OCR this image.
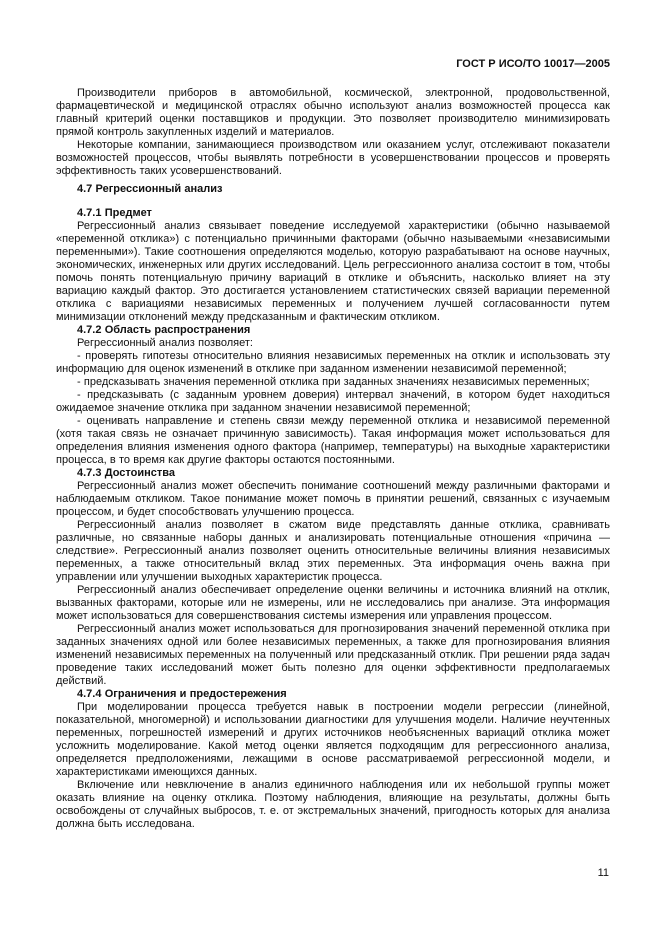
ГОСТ Р ИСО/ТО 10017—2005

Производители приборов в автомобильной, космической, электронной, продовольственной, фармацевтической и медицинской отраслях обычно используют анализ возможностей процесса как главный критерий оценки поставщиков и продукции. Это позволяет производителю минимизировать прямой контроль закупленных изделий и материалов.

Некоторые компании, занимающиеся производством или оказанием услуг, отслеживают показатели возможностей процессов, чтобы выявлять потребности в усовершенствовании процессов и проверять эффективность таких усовершенствований.

4.7 Регрессионный анализ

4.7.1 Предмет

Регрессионный анализ связывает поведение исследуемой характеристики (обычно называемой «переменной отклика») с потенциально причинными факторами (обычно называемыми «независимыми переменными»). Такие соотношения определяются моделью, которую разрабатывают на основе научных, экономических, инженерных или других исследований. Цель регрессионного анализа состоит в том, чтобы помочь понять потенциальную причину вариаций в отклике и объяснить, насколько влияет на эту вариацию каждый фактор. Это достигается установлением статистических связей вариации переменной отклика с вариациями независимых переменных и получением лучшей согласованности путем минимизации отклонений между предсказанным и фактическим откликом.

4.7.2 Область распространения

Регрессионный анализ позволяет:

- проверять гипотезы относительно влияния независимых переменных на отклик и использовать эту информацию для оценок изменений в отклике при заданном изменении независимой переменной;

- предсказывать значения переменной отклика при заданных значениях независимых переменных;

- предсказывать (с заданным уровнем доверия) интервал значений, в котором будет находиться ожидаемое значение отклика при заданном значении независимой переменной;

- оценивать направление и степень связи между переменной отклика и независимой переменной (хотя такая связь не означает причинную зависимость). Такая информация может использоваться для определения влияния изменения одного фактора (например, температуры) на выходные характеристики процесса, в то время как другие факторы остаются постоянными.

4.7.3 Достоинства

Регрессионный анализ может обеспечить понимание соотношений между различными факторами и наблюдаемым откликом. Такое понимание может помочь в принятии решений, связанных с изучаемым процессом, и будет способствовать улучшению процесса.

Регрессионный анализ позволяет в сжатом виде представлять данные отклика, сравнивать различные, но связанные наборы данных и анализировать потенциальные отношения «причина — следствие». Регрессионный анализ позволяет оценить относительные величины влияния независимых переменных, а также относительный вклад этих переменных. Эта информация очень важна при управлении или улучшении выходных характеристик процесса.

Регрессионный анализ обеспечивает определение оценки величины и источника влияний на отклик, вызванных факторами, которые или не измерены, или не исследовались при анализе. Эта информация может использоваться для совершенствования системы измерения или управления процессом.

Регрессионный анализ может использоваться для прогнозирования значений переменной отклика при заданных значениях одной или более независимых переменных, а также для прогнозирования влияния изменений независимых переменных на полученный или предсказанный отклик. При решении ряда задач проведение таких исследований может быть полезно для оценки эффективности предполагаемых действий.

4.7.4 Ограничения и предостережения

При моделировании процесса требуется навык в построении модели регрессии (линейной, показательной, многомерной) и использовании диагностики для улучшения модели. Наличие неучтенных переменных, погрешностей измерений и других источников необъясненных вариаций отклика может усложнить моделирование. Какой метод оценки является подходящим для регрессионного анализа, определяется предположениями, лежащими в основе рассматриваемой регрессионной модели, и характеристиками имеющихся данных.

Включение или невключение в анализ единичного наблюдения или их небольшой группы может оказать влияние на оценку отклика. Поэтому наблюдения, влияющие на результаты, должны быть освобождены от случайных выбросов, т. е. от экстремальных значений, пригодность которых для анализа должна быть исследована.

11
